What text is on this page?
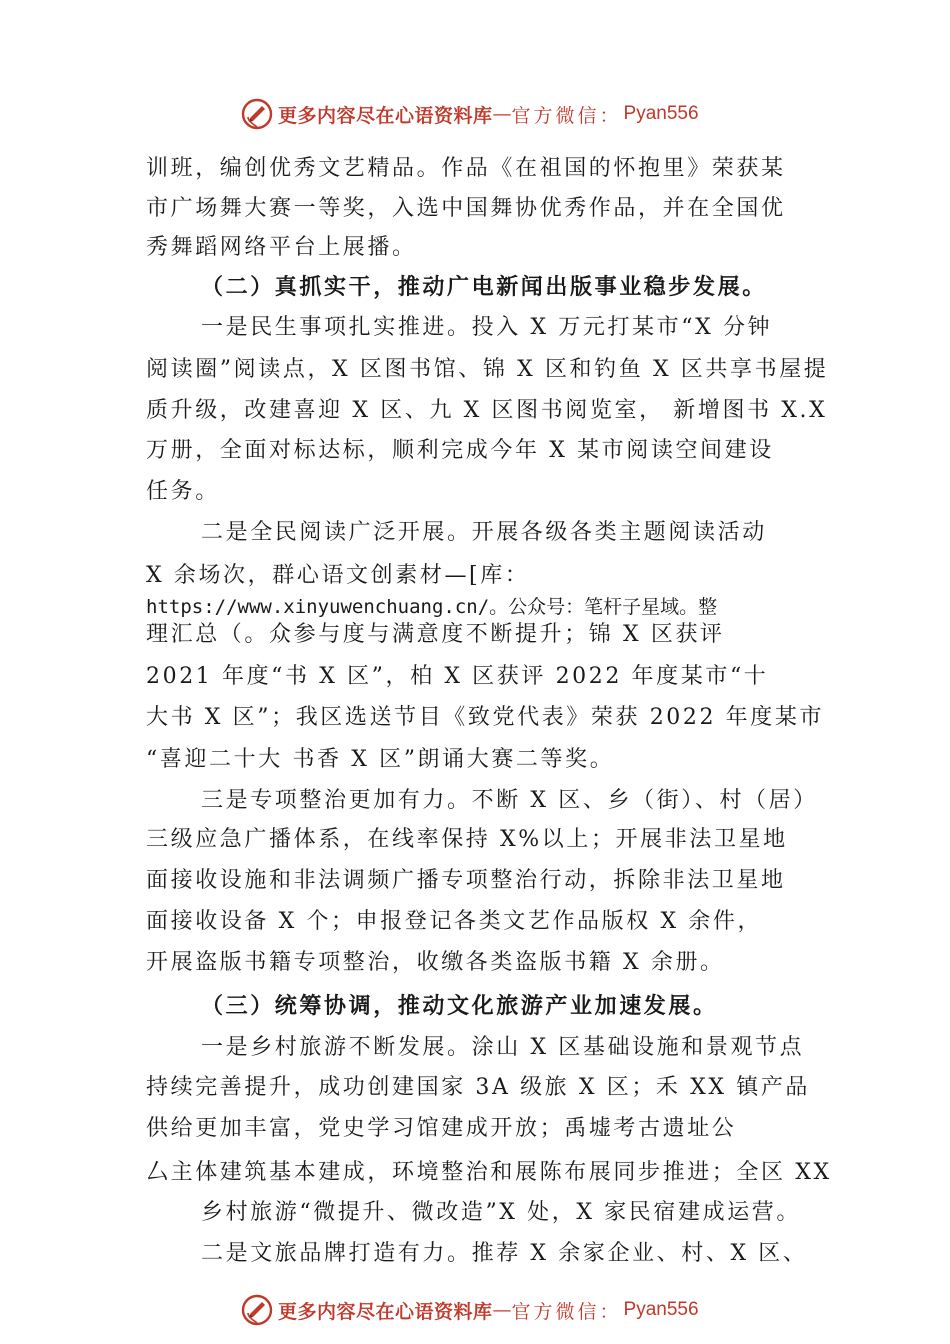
更多内容尽在心语资料库 — 官方微信： Pyan556

训班，编创优秀文艺精品。作品《在祖国的怀抱里》荣获某

市广场舞大赛一等奖，入选中国舞协优秀作品，并在全国优

秀舞蹈网络平台上展播。

（二）真抓实干，推动广电新闻出版事业稳步发展。

一是民生事项扎实推进。投入 X 万元打某市“X 分钟

阅读圈”阅读点，X 区图书馆、锦 X 区和钓鱼 X 区共享书屋提

质升级，改建喜迎 X 区、九 X 区图书阅览室， 新增图书 X.X

万册，全面对标达标，顺利完成今年 X 某市阅读空间建设

任务。

二是全民阅读广泛开展。开展各级各类主题阅读活动

X 余场次，群心语文创素材—[库：

https://www.xinyuwenchuang.cn/。公众号：笔杆子星域。整

理汇总（。众参与度与满意度不断提升；锦 X 区获评

2021 年度“书 X 区”，柏 X 区获评 2022 年度某市“十

大书 X 区”；我区选送节目《致党代表》荣获 2022 年度某市

“喜迎二十大 书香 X 区”朗诵大赛二等奖。

三是专项整治更加有力。不断 X 区、乡（街）、村（居）

三级应急广播体系，在线率保持 X%以上；开展非法卫星地

面接收设施和非法调频广播专项整治行动，拆除非法卫星地

面接收设备 X 个；申报登记各类文艺作品版权 X 余件，

开展盗版书籍专项整治，收缴各类盗版书籍 X 余册。

（三）统筹协调，推动文化旅游产业加速发展。

一是乡村旅游不断发展。涂山 X 区基础设施和景观节点

持续完善提升，成功创建国家 3A 级旅 X 区；禾 XX 镇产品

供给更加丰富，党史学习馆建成开放；禹墟考古遗址公

⼛主体建筑基本建成，环境整治和展陈布展同步推进；全区 XX

乡村旅游“微提升、微改造”X 处，X 家民宿建成运营。

二是文旅品牌打造有力。推荐 X 余家企业、村、X 区、

更多内容尽在心语资料库 — 官方微信： Pyan556
